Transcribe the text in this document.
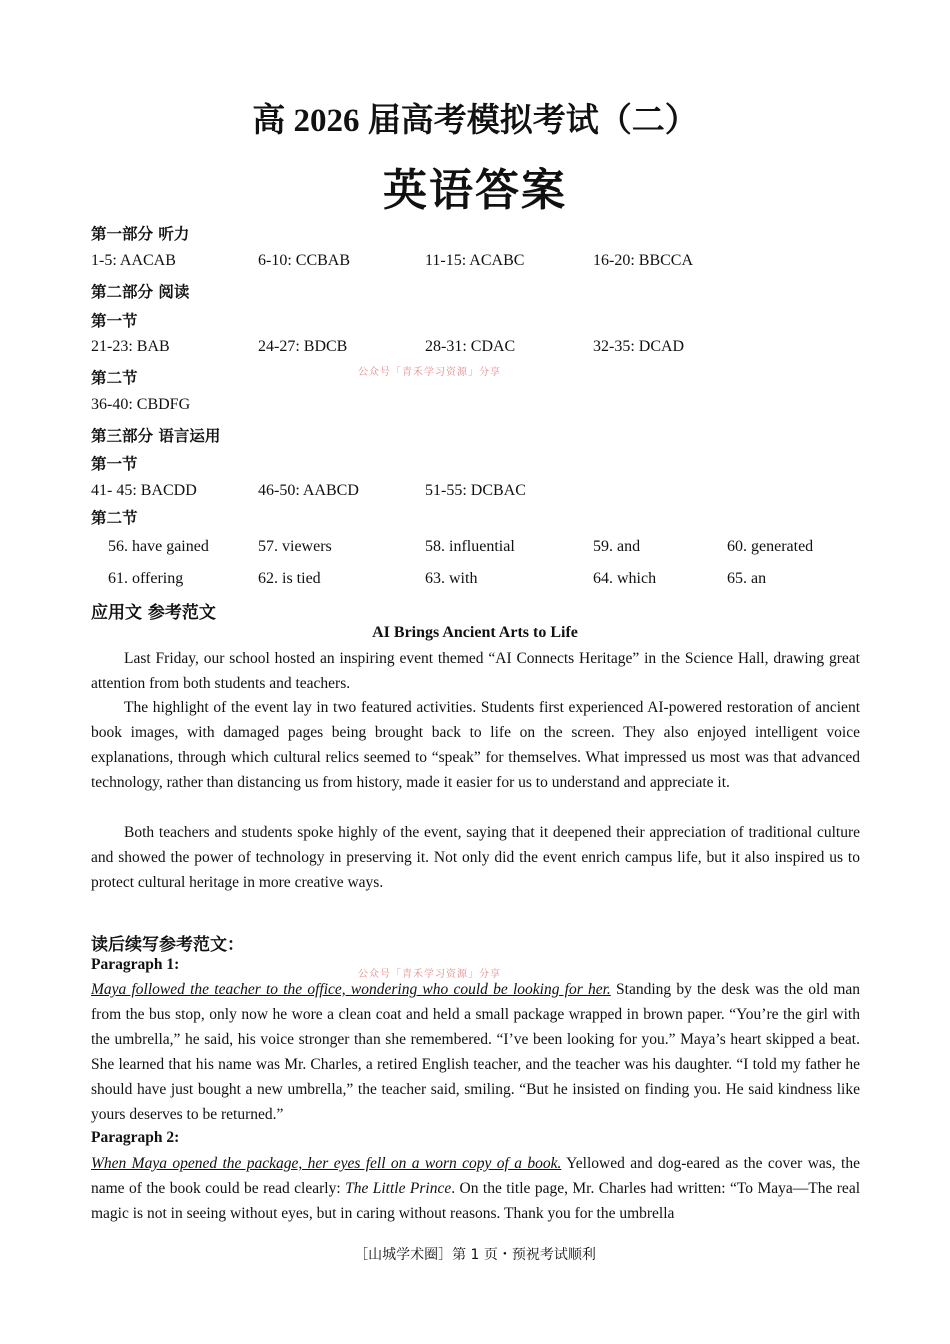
高 2026 届高考模拟考试（二）
英语答案
第一部分 听力
1-5: AACAB	6-10: CCBAB	11-15: ACABC	16-20: BBCCA
第二部分 阅读
第一节
21-23: BAB	24-27: BDCB	28-31: CDAC	32-35: DCAD
第二节	公众号「青禾学习资源」分享
36-40: CBDFG
第三部分 语言运用
第一节
41- 45: BACDD	46-50: AABCD	51-55: DCBAC
第二节
56. have gained	57. viewers	58. influential	59. and	60. generated
61. offering	62. is tied	63. with	64. which	65. an
应用文 参考范文
AI Brings Ancient Arts to Life

Last Friday, our school hosted an inspiring event themed “AI Connects Heritage” in the Science Hall, drawing great attention from both students and teachers.

The highlight of the event lay in two featured activities. Students first experienced AI-powered restoration of ancient book images, with damaged pages being brought back to life on the screen. They also enjoyed intelligent voice explanations, through which cultural relics seemed to “speak” for themselves. What impressed us most was that advanced technology, rather than distancing us from history, made it easier for us to understand and appreciate it.

Both teachers and students spoke highly of the event, saying that it deepened their appreciation of traditional culture and showed the power of technology in preserving it. Not only did the event enrich campus life, but it also inspired us to protect cultural heritage in more creative ways.

读后续写参考范文：
Paragraph 1:
公众号「青禾学习资源」分享

Maya followed the teacher to the office, wondering who could be looking for her. Standing by the desk was the old man from the bus stop, only now he wore a clean coat and held a small package wrapped in brown paper. “You’re the girl with the umbrella,” he said, his voice stronger than she remembered. “I’ve been looking for you.” Maya’s heart skipped a beat. She learned that his name was Mr. Charles, a retired English teacher, and the teacher was his daughter. “I told my father he should have just bought a new umbrella,” the teacher said, smiling. “But he insisted on finding you. He said kindness like yours deserves to be returned.”

Paragraph 2:

When Maya opened the package, her eyes fell on a worn copy of a book. Yellowed and dog-eared as the cover was, the name of the book could be read clearly: The Little Prince. On the title page, Mr. Charles had written: “To Maya—The real magic is not in seeing without eyes, but in caring without reasons. Thank you for the umbrella

［山城学术圈］第 1 页・预祝考试顺利
